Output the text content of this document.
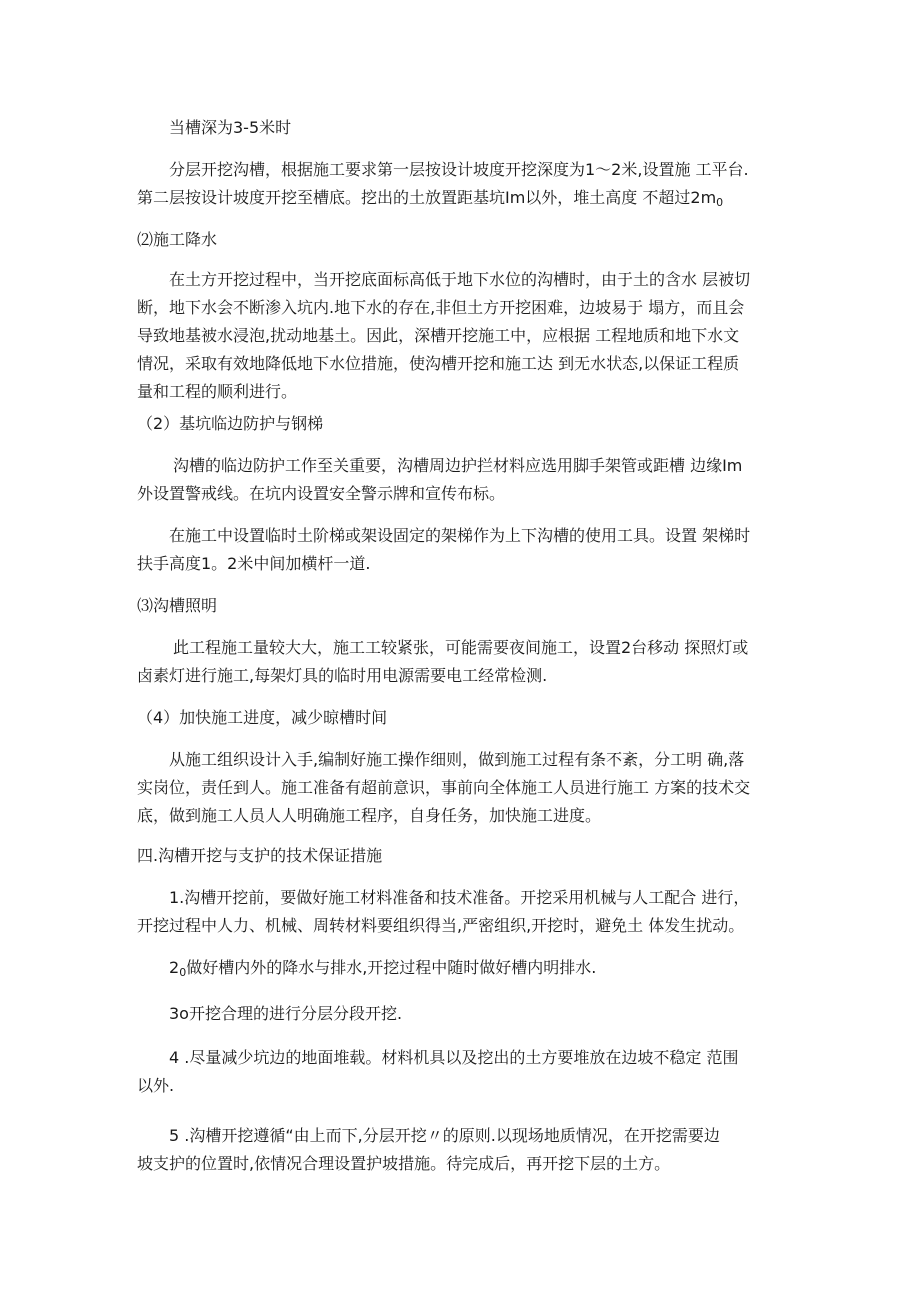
当槽深为3-5米时
分层开挖沟槽，根据施工要求第一层按设计坡度开挖深度为1～2米,设置施 工平台.
第二层按设计坡度开挖至槽底。挖出的土放置距基坑Im以外，堆土高度 不超过$2m_0$
⑵施工降水
在土方开挖过程中，当开挖底面标高低于地下水位的沟槽时，由于土的含水 层被切
断，地下水会不断渗入坑内.地下水的存在,非但土方开挖困难，边坡易于 塌方，而且会
导致地基被水浸泡,扰动地基土。因此，深槽开挖施工中，应根据 工程地质和地下水文
情况，采取有效地降低地下水位措施，使沟槽开挖和施工达 到无水状态,以保证工程质
量和工程的顺利进行。
（2）基坑临边防护与钢梯
沟槽的临边防护工作至关重要，沟槽周边护拦材料应选用脚手架管或距槽 边缘Im
外设置警戒线。在坑内设置安全警示牌和宣传布标。
在施工中设置临时土阶梯或架设固定的架梯作为上下沟槽的使用工具。设置 架梯时
扶手高度1。2米中间加横杆一道.
⑶沟槽照明
此工程施工量较大大，施工工较紧张，可能需要夜间施工，设置2台移动 探照灯或
卤素灯进行施工,每架灯具的临时用电源需要电工经常检测.
（4）加快施工进度，减少晾槽时间
从施工组织设计入手,编制好施工操作细则，做到施工过程有条不紊，分工明 确,落
实岗位，责任到人。施工准备有超前意识，事前向全体施工人员进行施工 方案的技术交
底，做到施工人员人人明确施工程序，自身任务，加快施工进度。
四.沟槽开挖与支护的技术保证措施
1.沟槽开挖前，要做好施工材料准备和技术准备。开挖采用机械与人工配合 进行，
开挖过程中人力、机械、周转材料要组织得当,严密组织,开挖时，避免土 体发生扰动。
$2_0$做好槽内外的降水与排水,开挖过程中随时做好槽内明排水.
3o开挖合理的进行分层分段开挖.
4 .尽量减少坑边的地面堆载。材料机具以及挖出的土方要堆放在边坡不稳定 范围
以外.
5 .沟槽开挖遵循“由上而下,分层开挖〃的原则.以现场地质情况，在开挖需要边
坡支护的位置时,依情况合理设置护坡措施。待完成后，再开挖下层的土方。
